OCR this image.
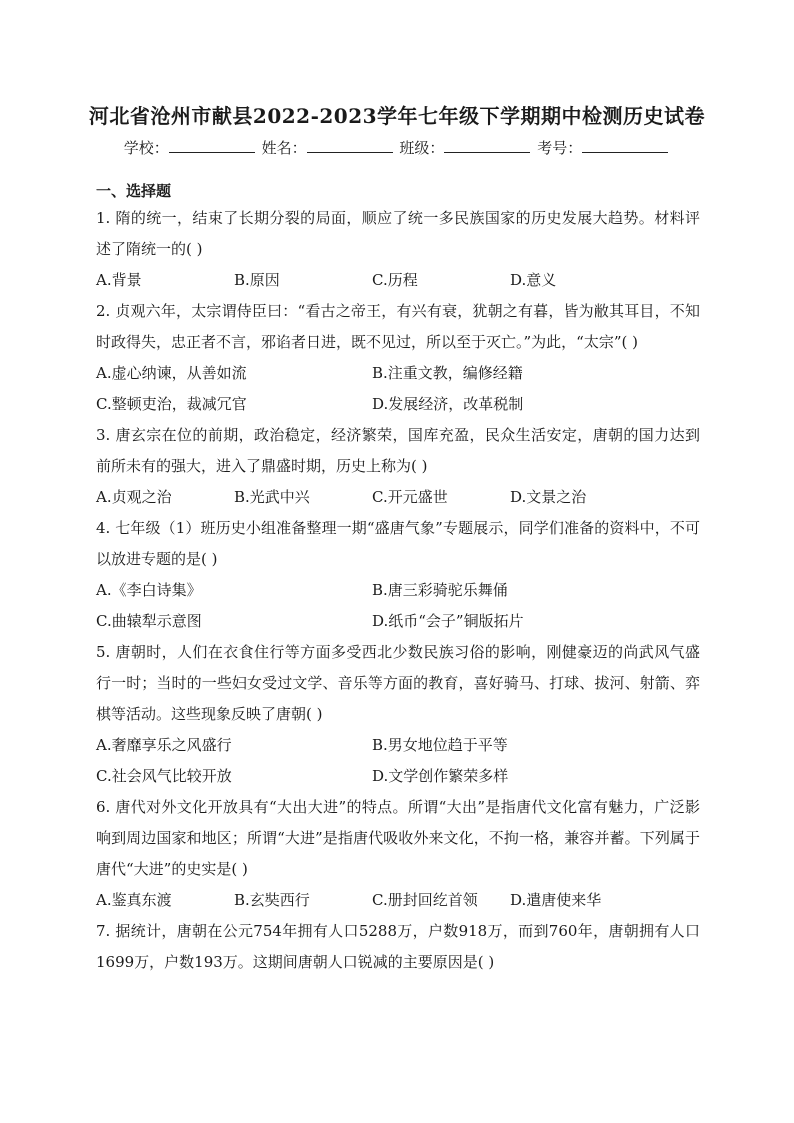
河北省沧州市献县2022-2023学年七年级下学期期中检测历史试卷
学校：	姓名：	班级：	考号：
一、选择题

1. 隋的统一，结束了长期分裂的局面，顺应了统一多民族国家的历史发展大趋势。材料评述了隋统一的( )

A.背景	B.原因	C.历程	D.意义

2. 贞观六年，太宗谓侍臣曰：“看古之帝王，有兴有衰，犹朝之有暮，皆为敝其耳目，不知时政得失，忠正者不言，邪谄者日进，既不见过，所以至于灭亡。”为此，“太宗”( )

A.虚心纳谏，从善如流	B.注重文教，编修经籍
C.整顿吏治，裁减冗官	D.发展经济，改革税制

3. 唐玄宗在位的前期，政治稳定，经济繁荣，国库充盈，民众生活安定，唐朝的国力达到前所未有的强大，进入了鼎盛时期，历史上称为( )

A.贞观之治	B.光武中兴	C.开元盛世	D.文景之治

4. 七年级（1）班历史小组准备整理一期“盛唐气象”专题展示，同学们准备的资料中，不可以放进专题的是( )

A.《李白诗集》	B.唐三彩骑驼乐舞俑
C.曲辕犁示意图	D.纸币“会子”铜版拓片

5. 唐朝时，人们在衣食住行等方面多受西北少数民族习俗的影响，刚健豪迈的尚武风气盛行一时；当时的一些妇女受过文学、音乐等方面的教育，喜好骑马、打球、拔河、射箭、弈棋等活动。这些现象反映了唐朝( )

A.奢靡享乐之风盛行	B.男女地位趋于平等
C.社会风气比较开放	D.文学创作繁荣多样

6. 唐代对外文化开放具有“大出大进”的特点。所谓“大出”是指唐代文化富有魅力，广泛影响到周边国家和地区；所谓“大进”是指唐代吸收外来文化，不拘一格，兼容并蓄。下列属于唐代“大进”的史实是( )

A.鉴真东渡	B.玄奘西行	C.册封回纥首领	D.遣唐使来华

7. 据统计，唐朝在公元754年拥有人口5288万，户数918万，而到760年，唐朝拥有人口1699万，户数193万。这期间唐朝人口锐减的主要原因是( )
